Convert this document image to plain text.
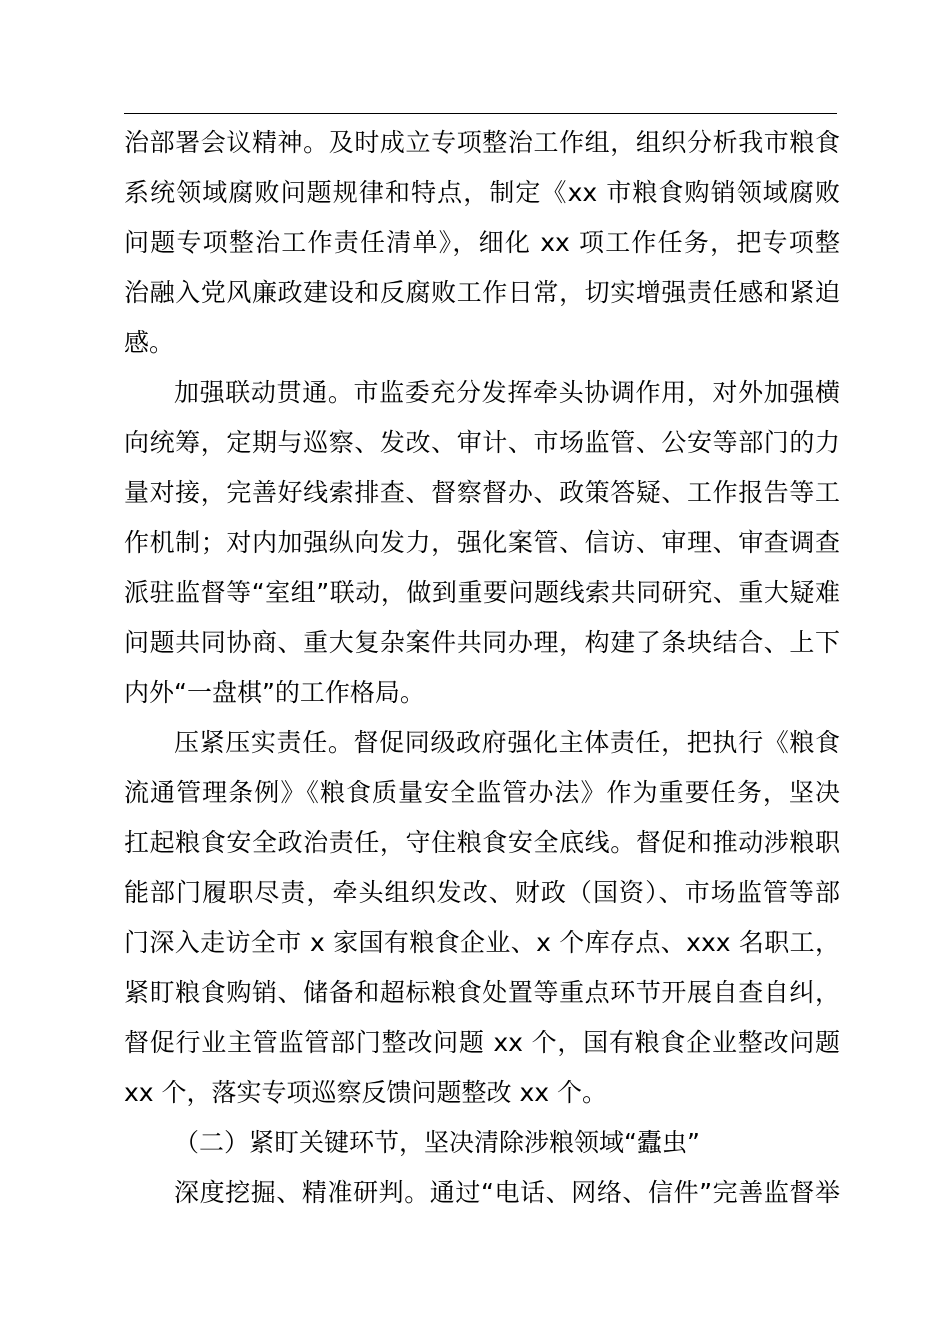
治部署会议精神。及时成立专项整治工作组，组织分析我市粮食
系统领域腐败问题规律和特点，制定《xx 市粮食购销领域腐败
问题专项整治工作责任清单》，细化 xx 项工作任务，把专项整
治融入党风廉政建设和反腐败工作日常，切实增强责任感和紧迫
感。
加强联动贯通。市监委充分发挥牵头协调作用，对外加强横
向统筹，定期与巡察、发改、审计、市场监管、公安等部门的力
量对接，完善好线索排查、督察督办、政策答疑、工作报告等工
作机制；对内加强纵向发力，强化案管、信访、审理、审查调查
派驻监督等“室组”联动，做到重要问题线索共同研究、重大疑难
问题共同协商、重大复杂案件共同办理，构建了条块结合、上下
内外“一盘棋”的工作格局。
压紧压实责任。督促同级政府强化主体责任，把执行《粮食
流通管理条例》《粮食质量安全监管办法》作为重要任务，坚决
扛起粮食安全政治责任，守住粮食安全底线。督促和推动涉粮职
能部门履职尽责，牵头组织发改、财政（国资）、市场监管等部
门深入走访全市 x 家国有粮食企业、x 个库存点、xxx 名职工，
紧盯粮食购销、储备和超标粮食处置等重点环节开展自查自纠，
督促行业主管监管部门整改问题 xx 个，国有粮食企业整改问题
xx 个，落实专项巡察反馈问题整改 xx 个。
（二）紧盯关键环节，坚决清除涉粮领域“蠹虫”
深度挖掘、精准研判。通过“电话、网络、信件”完善监督举
